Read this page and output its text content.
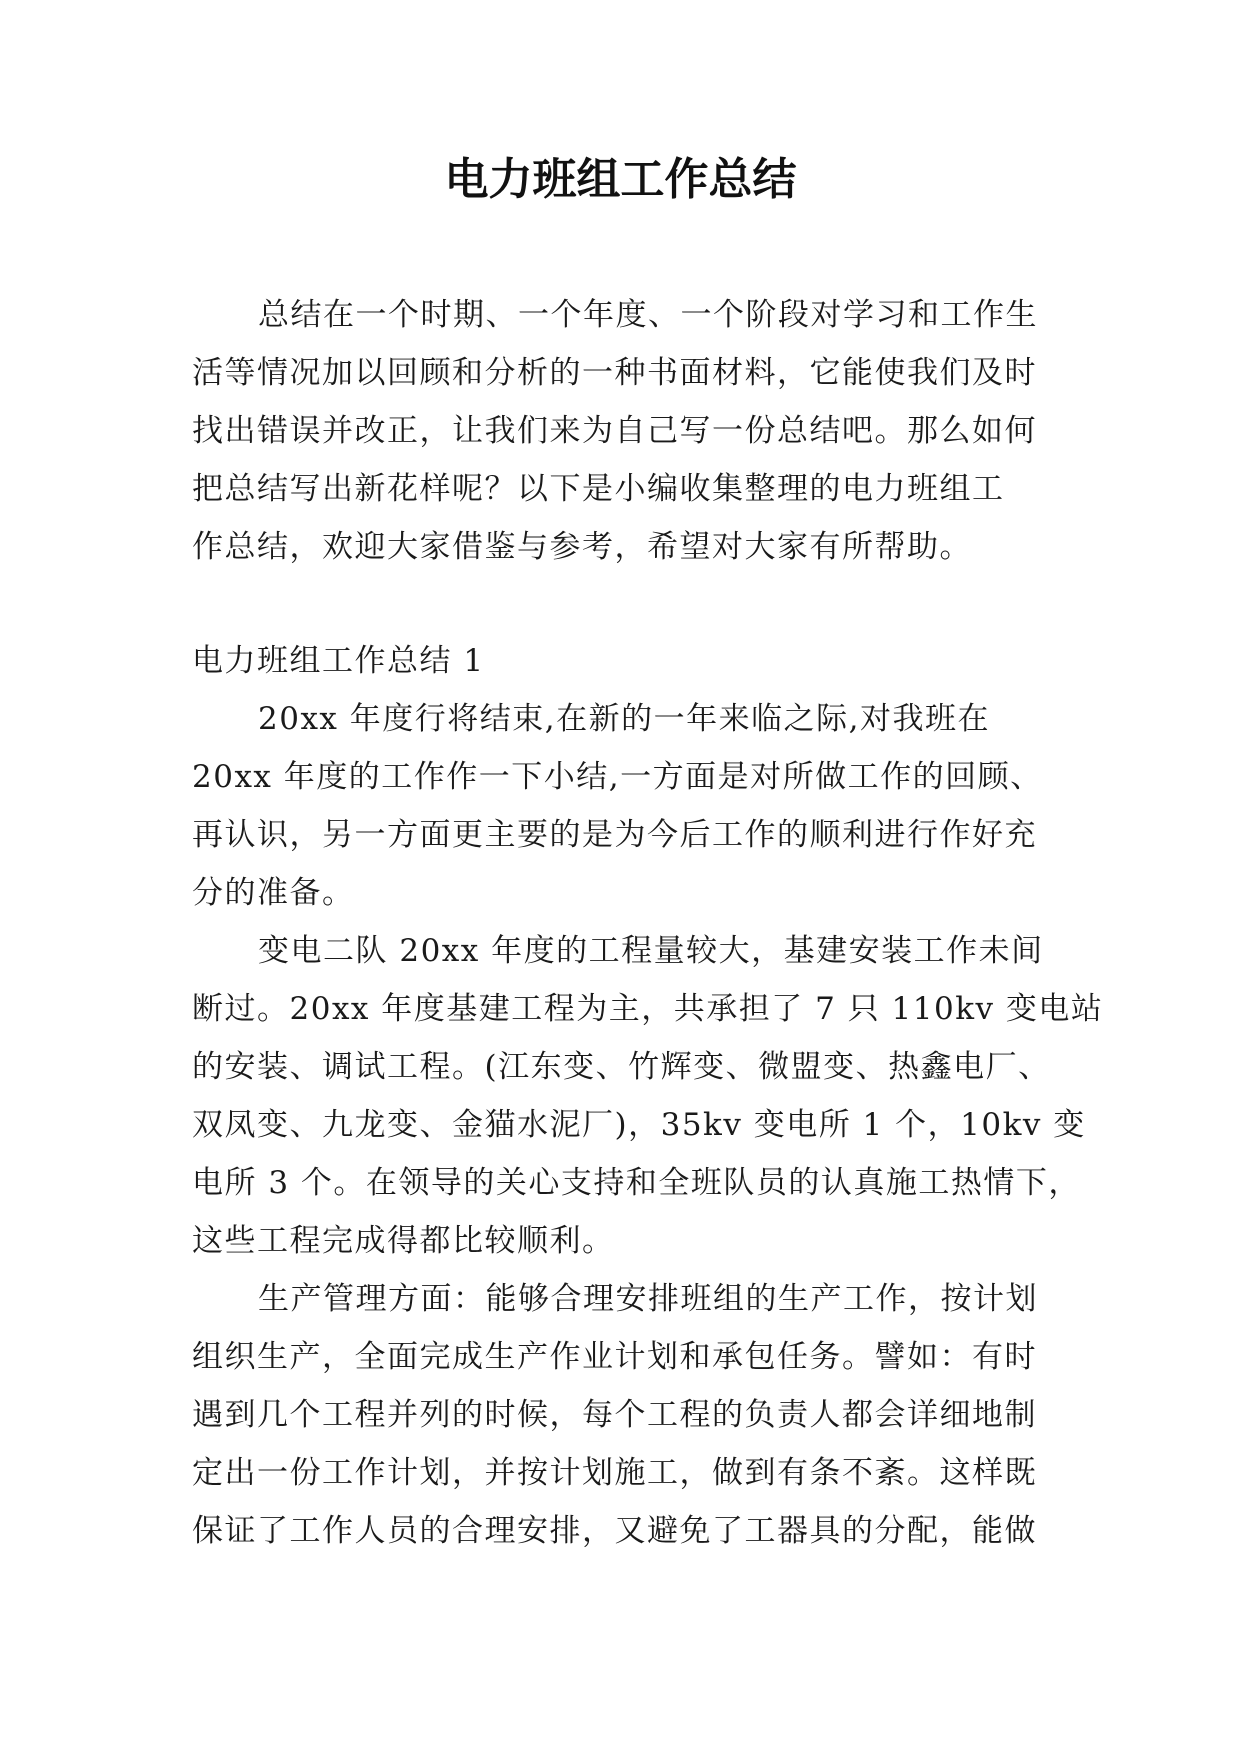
电力班组工作总结
总结在一个时期、一个年度、一个阶段对学习和工作生
活等情况加以回顾和分析的一种书面材料，它能使我们及时
找出错误并改正，让我们来为自己写一份总结吧。那么如何
把总结写出新花样呢？以下是小编收集整理的电力班组工
作总结，欢迎大家借鉴与参考，希望对大家有所帮助。
电力班组工作总结 1
20xx 年度行将结束,在新的一年来临之际,对我班在
20xx 年度的工作作一下小结,一方面是对所做工作的回顾、
再认识，另一方面更主要的是为今后工作的顺利进行作好充
分的准备。
变电二队 20xx 年度的工程量较大，基建安装工作未间
断过。20xx 年度基建工程为主，共承担了 7 只 110kv 变电站
的安装、调试工程。(江东变、竹辉变、微盟变、热鑫电厂、
双凤变、九龙变、金猫水泥厂)，35kv 变电所 1 个，10kv 变
电所 3 个。在领导的关心支持和全班队员的认真施工热情下，
这些工程完成得都比较顺利。
生产管理方面：能够合理安排班组的生产工作，按计划
组织生产，全面完成生产作业计划和承包任务。譬如：有时
遇到几个工程并列的时候，每个工程的负责人都会详细地制
定出一份工作计划，并按计划施工，做到有条不紊。这样既
保证了工作人员的合理安排，又避免了工器具的分配，能做
